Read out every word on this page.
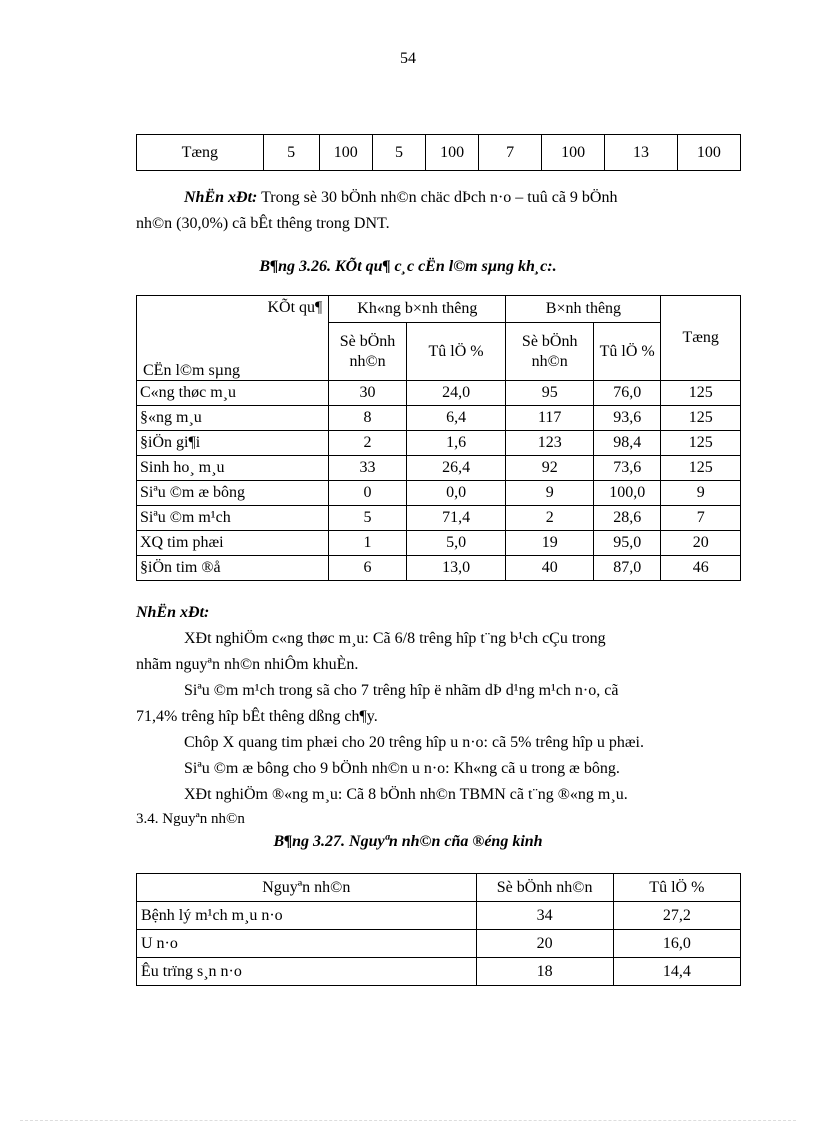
54
Tæng	5	100	5	100	7	100	13	100
NhËn xÐt: Trong sè 30 bÖnh nh©n chäc dÞch n·o – tuû cã 9 bÖnh
nh©n (30,0%) cã bÊt thêng trong DNT.
B¶ng 3.26. KÕt qu¶ c¸c cËn l©m sµng kh¸c:.
KÕt qu¶
CËn l©m sµng	Kh«ng b×nh thêng		B×nh thêng		Tæng
	Sè bÖnh nh©n	Tû lÖ %	Sè bÖnh nh©n	Tû lÖ %	
C«ng thøc m¸u	30	24,0	95	76,0	125
§«ng m¸u	8	6,4	117	93,6	125
§iÖn gi¶i	2	1,6	123	98,4	125
Sinh ho¸ m¸u	33	26,4	92	73,6	125
Siªu ©m æ bông	0	0,0	9	100,0	9
Siªu ©m m¹ch	5	71,4	2	28,6	7
XQ tim phæi	1	5,0	19	95,0	20
§iÖn tim ®å	6	13,0	40	87,0	46
NhËn xÐt:
XÐt nghiÖm c«ng thøc m¸u: Cã 6/8 trêng hîp t¨ng b¹ch cÇu trong
nhãm nguyªn nh©n nhiÔm khuÈn.
Siªu ©m m¹ch trong sã cho 7 trêng hîp ë nhãm dÞ d¹ng m¹ch n·o, cã
71,4% trêng hîp bÊt thêng dßng ch¶y.
Chôp X quang tim phæi cho 20 trêng hîp u n·o: cã 5% trêng hîp u phæi.
Siªu ©m æ bông cho 9 bÖnh nh©n u n·o: Kh«ng cã u trong æ bông.
XÐt nghiÖm ®«ng m¸u: Cã 8 bÖnh nh©n TBMN cã t¨ng ®«ng m¸u.
3.4. Nguyªn nh©n
B¶ng 3.27. Nguyªn nh©n cña ®éng kinh
Nguyªn nh©n	Sè bÖnh nh©n	Tû lÖ %
Bệnh lý m¹ch m¸u n·o	34	27,2
U n·o	20	16,0
Êu trïng s¸n n·o	18	14,4
